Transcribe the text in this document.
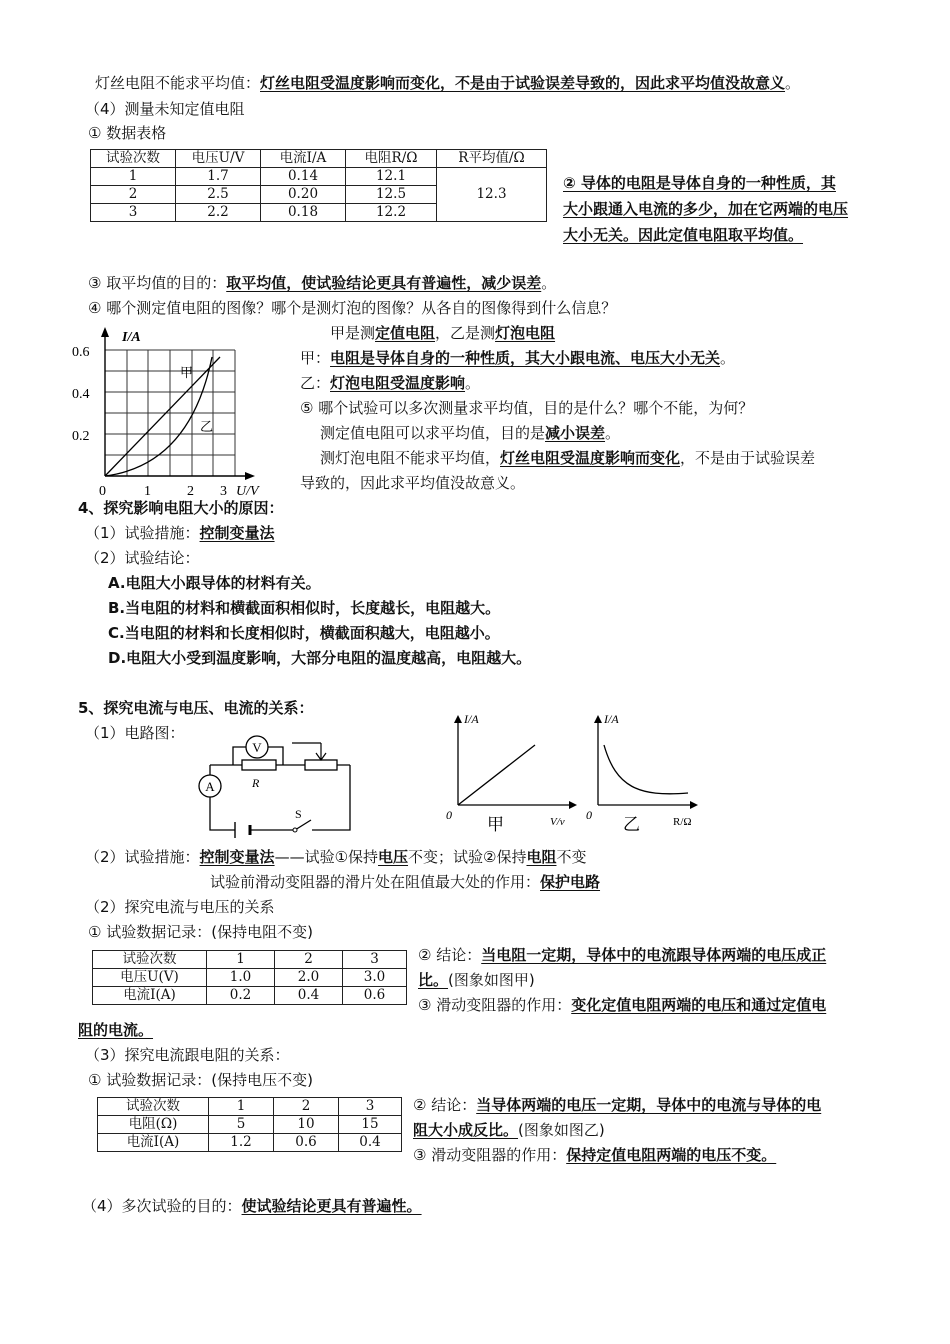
灯丝电阻不能求平均值：灯丝电阻受温度影响而变化，不是由于试验误差导致的，因此求平均值没故意义。
（4）测量未知定值电阻
① 数据表格
试验次数	电压U/V	电流I/A	电阻R/Ω	R平均值/Ω
1	1.7	0.14	12.1	12.3
2	2.5	0.20	12.5	
3	2.2	0.18	12.2	
② 导体的电阻是导体自身的一种性质，其
大小跟通入电流的多少，加在它两端的电压
大小无关。因此定值电阻取平均值。
③ 取平均值的目的：取平均值，使试验结论更具有普遍性，减少误差。
④ 哪个测定值电阻的图像？哪个是测灯泡的图像？从各自的图像得到什么信息？
I/A
U/V
0.6
0.4
0.2
0	1	2 3
甲
乙
甲是测定值电阻，乙是测灯泡电阻
甲：电阻是导体自身的一种性质，其大小跟电流、电压大小无关。
乙：灯泡电阻受温度影响。
⑤ 哪个试验可以多次测量求平均值，目的是什么？哪个不能，为何？
测定值电阻可以求平均值，目的是减小误差。
测灯泡电阻不能求平均值，灯丝电阻受温度影响而变化，不是由于试验误差
导致的，因此求平均值没故意义。
4、探究影响电阻大小的原因：
（1）试验措施：控制变量法
（2）试验结论：
A.电阻大小跟导体的材料有关。
B.当电阻的材料和横截面积相似时，长度越长，电阻越大。
C.当电阻的材料和长度相似时，横截面积越大，电阻越小。
D.电阻大小受到温度影响，大部分电阻的温度越高，电阻越大。
5、探究电流与电压、电流的关系：
（1）电路图：
V
A	R
S
I/A
0	V/v
甲
I/A
0	R/Ω
乙
（2）试验措施：控制变量法——试验①保持电压不变；试验②保持电阻不变
试验前滑动变阻器的滑片处在阻值最大处的作用：保护电路
（2）探究电流与电压的关系
① 试验数据记录：(保持电阻不变)
试验次数	1	2	3
电压U(V)	1.0	2.0	3.0
电流I(A)	0.2	0.4	0.6
② 结论：当电阻一定期，导体中的电流跟导体两端的电压成正
比。(图象如图甲)
③ 滑动变阻器的作用：变化定值电阻两端的电压和通过定值电
阻的电流。
（3）探究电流跟电阻的关系：
① 试验数据记录：(保持电压不变)
试验次数	1	2	3
电阻(Ω)	5	10	15
电流I(A)	1.2	0.6	0.4
② 结论：当导体两端的电压一定期，导体中的电流与导体的电
阻大小成反比。(图象如图乙)
③ 滑动变阻器的作用：保持定值电阻两端的电压不变。
（4）多次试验的目的：使试验结论更具有普遍性。
